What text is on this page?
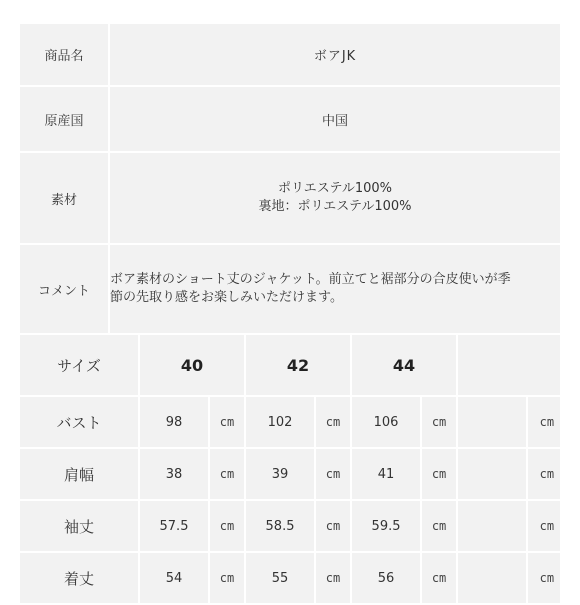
商品名	ボアJK
原産国	中国
素材	ポリエステル100%
裏地：ポリエステル100%

コメント	ボア素材のショート丈のジャケット。前立てと裾部分の合皮使いが季
節の先取り感をお楽しみいただけます。
サイズ	40		42		44			
バスト	98	cm	102	cm	106	cm		cm
肩幅	38	cm	39	cm	41	cm		cm
袖丈	57.5	cm	58.5	cm	59.5	cm		cm
着丈	54	cm	55	cm	56	cm		cm
